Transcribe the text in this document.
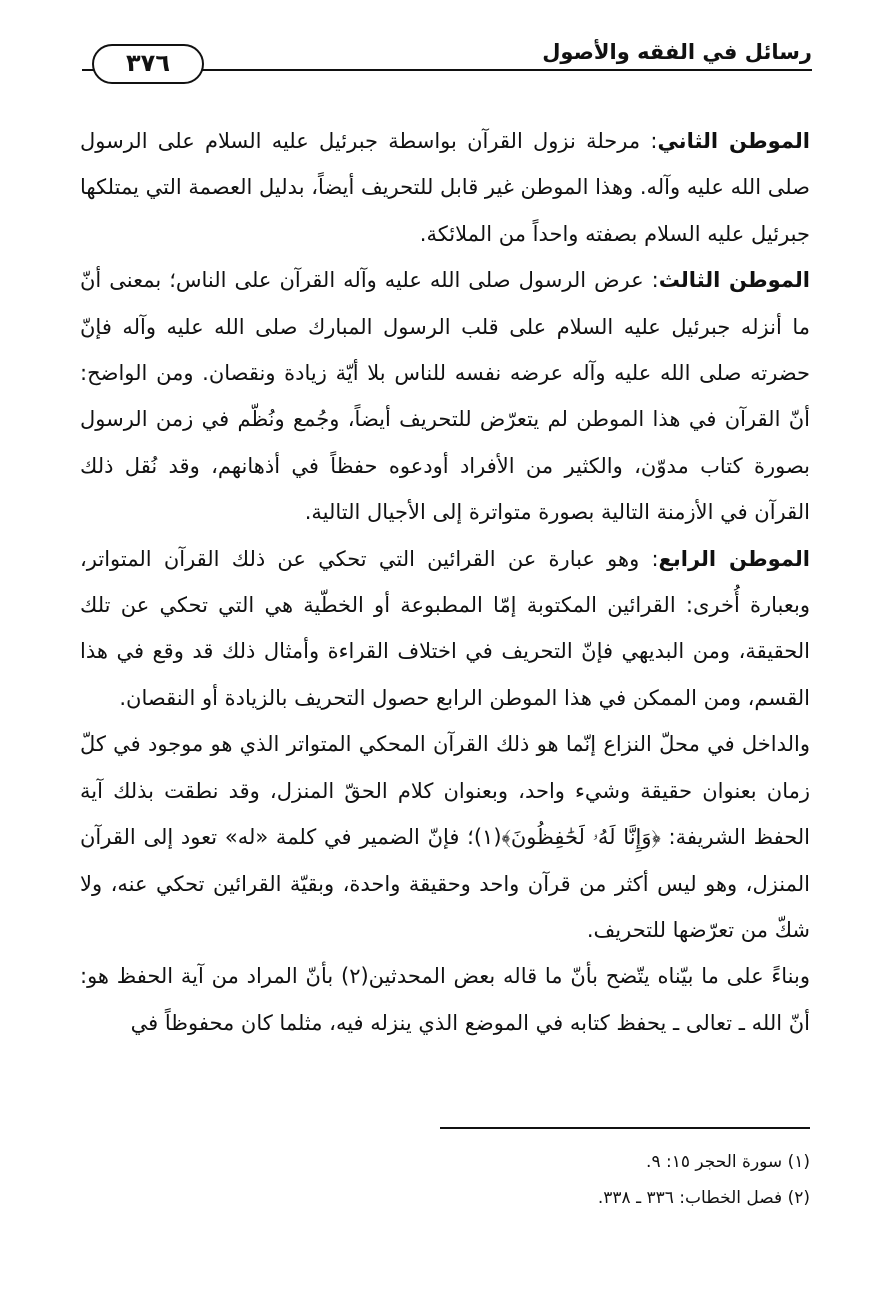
رسائل في الفقه والأصول
٣٧٦

الموطن الثاني: مرحلة نزول القرآن بواسطة جبرئيل عليه السلام على الرسول صلى الله عليه وآله. وهذا الموطن غير قابل للتحريف أيضاً، بدليل العصمة التي يمتلكها جبرئيل عليه السلام بصفته واحداً من الملائكة.

الموطن الثالث: عرض الرسول صلى الله عليه وآله القرآن على الناس؛ بمعنى أنّ ما أنزله جبرئيل عليه السلام على قلب الرسول المبارك صلى الله عليه وآله فإنّ حضرته صلى الله عليه وآله عرضه نفسه للناس بلا أيّة زيادة ونقصان. ومن الواضح: أنّ القرآن في هذا الموطن لم يتعرّض للتحريف أيضاً، وجُمع ونُظّم في زمن الرسول بصورة كتاب مدوّن، والكثير من الأفراد أودعوه حفظاً في أذهانهم، وقد نُقل ذلك القرآن في الأزمنة التالية بصورة متواترة إلى الأجيال التالية.

الموطن الرابع: وهو عبارة عن القرائين التي تحكي عن ذلك القرآن المتواتر، وبعبارة أُخرى: القرائين المكتوبة إمّا المطبوعة أو الخطّية هي التي تحكي عن تلك الحقيقة، ومن البديهي فإنّ التحريف في اختلاف القراءة وأمثال ذلك قد وقع في هذا القسم، ومن الممكن في هذا الموطن الرابع حصول التحريف بالزيادة أو النقصان.

والداخل في محلّ النزاع إنّما هو ذلك القرآن المحكي المتواتر الذي هو موجود في كلّ زمان بعنوان حقيقة وشيء واحد، وبعنوان كلام الحقّ المنزل، وقد نطقت بذلك آية الحفظ الشريفة: ﴿وَإِنَّا لَهُۥ لَحَٰفِظُونَ﴾(١)؛ فإنّ الضمير في كلمة «له» تعود إلى القرآن المنزل، وهو ليس أكثر من قرآن واحد وحقيقة واحدة، وبقيّة القرائين تحكي عنه، ولا شكّ من تعرّضها للتحريف.

وبناءً على ما بيّناه يتّضح بأنّ ما قاله بعض المحدثين(٢) بأنّ المراد من آية الحفظ هو: أنّ الله ـ تعالى ـ يحفظ كتابه في الموضع الذي ينزله فيه، مثلما كان محفوظاً في

(١) سورة الحجر ١٥: ٩.
(٢) فصل الخطاب: ٣٣٦ ـ ٣٣٨.
